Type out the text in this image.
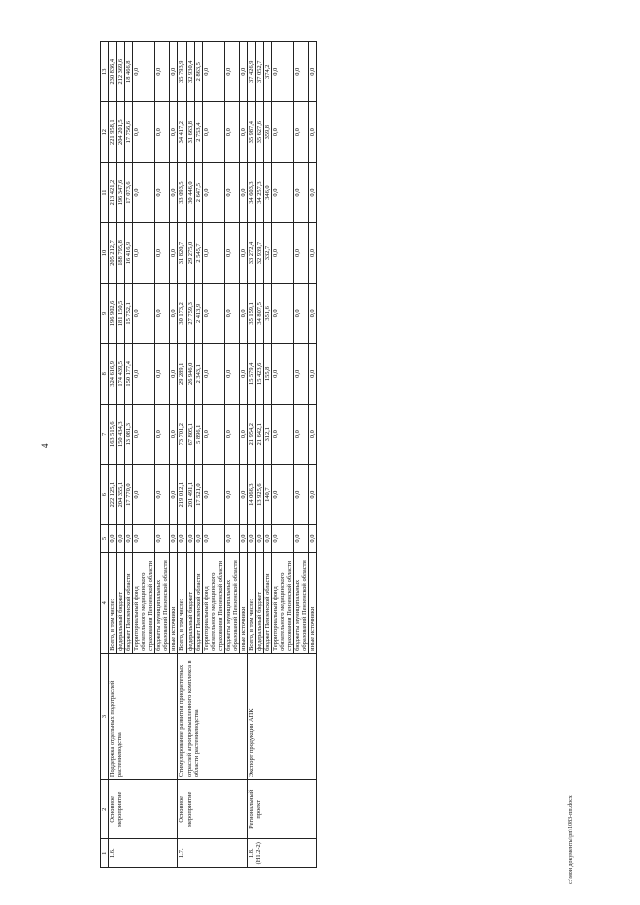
4
1	2	3	4	5	6	7	8	9	10	11	12	13
1.6.	Основное мероприятие	Поддержка отдельных подотраслей растениеводства	Всего, в том числе:	0,0	222 125,1	163 515,6	324 616,9	196 902,6	205 212,7	213 421,2	221 958,1	230 836,4
			федеральный бюджет	0,0	204 355,1	150 434,3	174 439,5	181 150,5	188 795,8	196 347,6	204 201,5	212 369,6
			бюджет Пензенской области	0,0	17 770,0	13 081,3	150 177,4	15 752,1	16 416,9	17 073,6	17 756,6	18 466,8
			Территориальный фонд обязательного медицинского страхования Пензенской области	0,0	0,0	0,0	0,0	0,0	0,0	0,0	0,0	0,0
			бюджеты муниципальных образований Пензенской области	0,0	0,0	0,0	0,0	0,0	0,0	0,0	0,0	0,0
			иные источники	0,0	0,0	0,0	0,0	0,0	0,0	0,0	0,0	0,0
1.7.	Основное мероприятие	Стимулирование развития приоритетных отраслей агропромышленного комплекса в области растениеводства	Всего, в том числе:	0,0	219 012,1	73 701,2	29 289,1	30 173,2	31 820,7	33 093,5	34 417,2	35 793,9
			федеральный бюджет	0,0	201 491,1	67 805,1	26 946,0	27 759,3	29 275,0	30 446,0	31 663,8	32 930,4
			бюджет Пензенской области	0,0	17 521,0	5 896,1	2 343,1	2 413,9	2 545,7	2 647,5	2 753,4	2 863,5
			Территориальный фонд обязательного медицинского страхования Пензенской области	0,0	0,0	0,0	0,0	0,0	0,0	0,0	0,0	0,0
			бюджеты муниципальных образований Пензенской области	0,0	0,0	0,0	0,0	0,0	0,0	0,0	0,0	0,0
			иные источники	0,0	0,0	0,0	0,0	0,0	0,0	0,0	0,0	0,0
1.8. (Н1.2-2)	Региональный проект	Экспорт продукции АПК	Всего, в том числе:	0,0	14 066,3	21 954,2	15 579,4	35 159,1	33 272,4	34 603,3	35 987,4	37 426,9
			федеральный бюджет	0,0	13 925,6	21 642,1	15 423,6	34 807,5	32 939,7	34 257,3	35 627,6	37 052,7
			бюджет Пензенской области	0,0	140,7	312,1	155,8	351,6	332,7	346,0	359,8	374,2
			Территориальный фонд обязательного медицинского страхования Пензенской области	0,0	0,0	0,0	0,0	0,0	0,0	0,0	0,0	0,0
			бюджеты муниципальных образований Пензенской области	0,0	0,0	0,0	0,0	0,0	0,0	0,0	0,0	0,0
			иные источники	0,0	0,0	0,0	0,0	0,0	0,0	0,0	0,0	0,0
c:\мои документы\рп\1083-пп.docx
